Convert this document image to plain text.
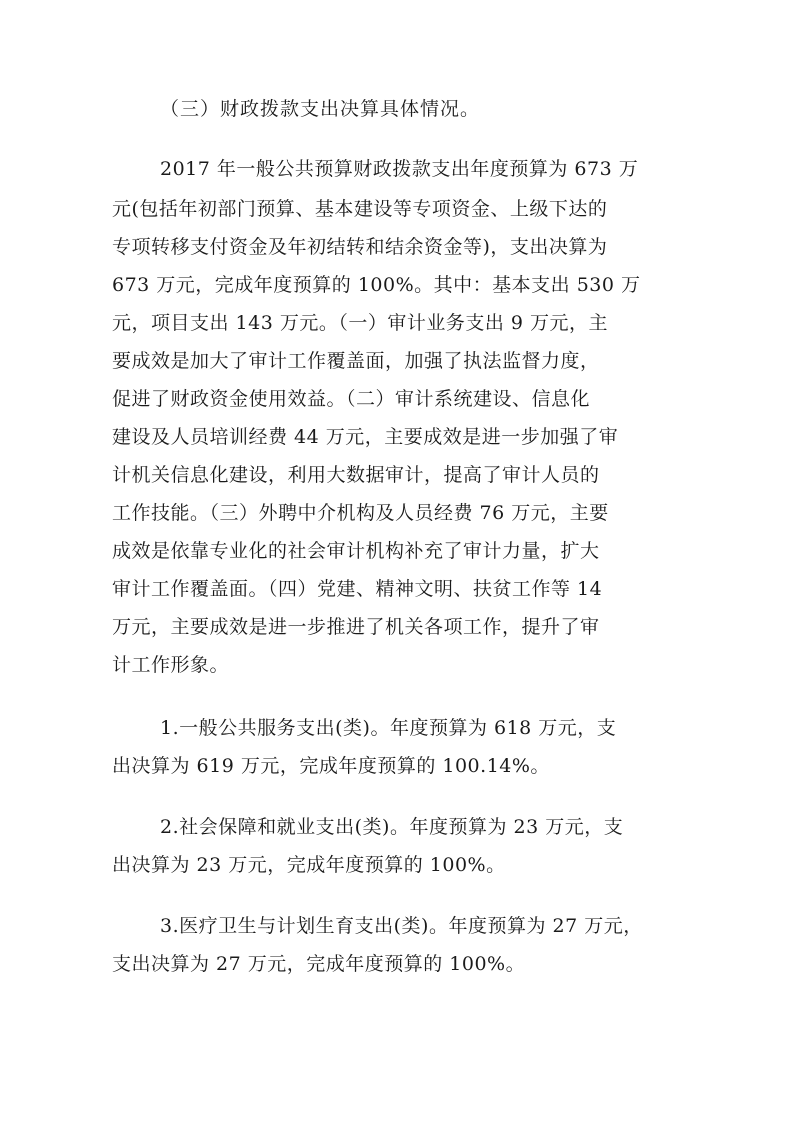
（三）财政拨款支出决算具体情况。
2017 年一般公共预算财政拨款支出年度预算为 673 万
元(包括年初部门预算、基本建设等专项资金、上级下达的
专项转移支付资金及年初结转和结余资金等)，支出决算为
673 万元，完成年度预算的 100%。其中：基本支出 530 万
元，项目支出 143 万元。（一）审计业务支出 9 万元，主
要成效是加大了审计工作覆盖面，加强了执法监督力度，
促进了财政资金使用效益。（二）审计系统建设、信息化
建设及人员培训经费 44 万元，主要成效是进一步加强了审
计机关信息化建设，利用大数据审计，提高了审计人员的
工作技能。（三）外聘中介机构及人员经费 76 万元，主要
成效是依靠专业化的社会审计机构补充了审计力量，扩大
审计工作覆盖面。（四）党建、精神文明、扶贫工作等 14
万元，主要成效是进一步推进了机关各项工作，提升了审
计工作形象。
1.一般公共服务支出(类)。年度预算为 618 万元，支
出决算为 619 万元，完成年度预算的 100.14%。
2.社会保障和就业支出(类)。年度预算为 23 万元，支
出决算为 23 万元，完成年度预算的 100%。
3.医疗卫生与计划生育支出(类)。年度预算为 27 万元，
支出决算为 27 万元，完成年度预算的 100%。
